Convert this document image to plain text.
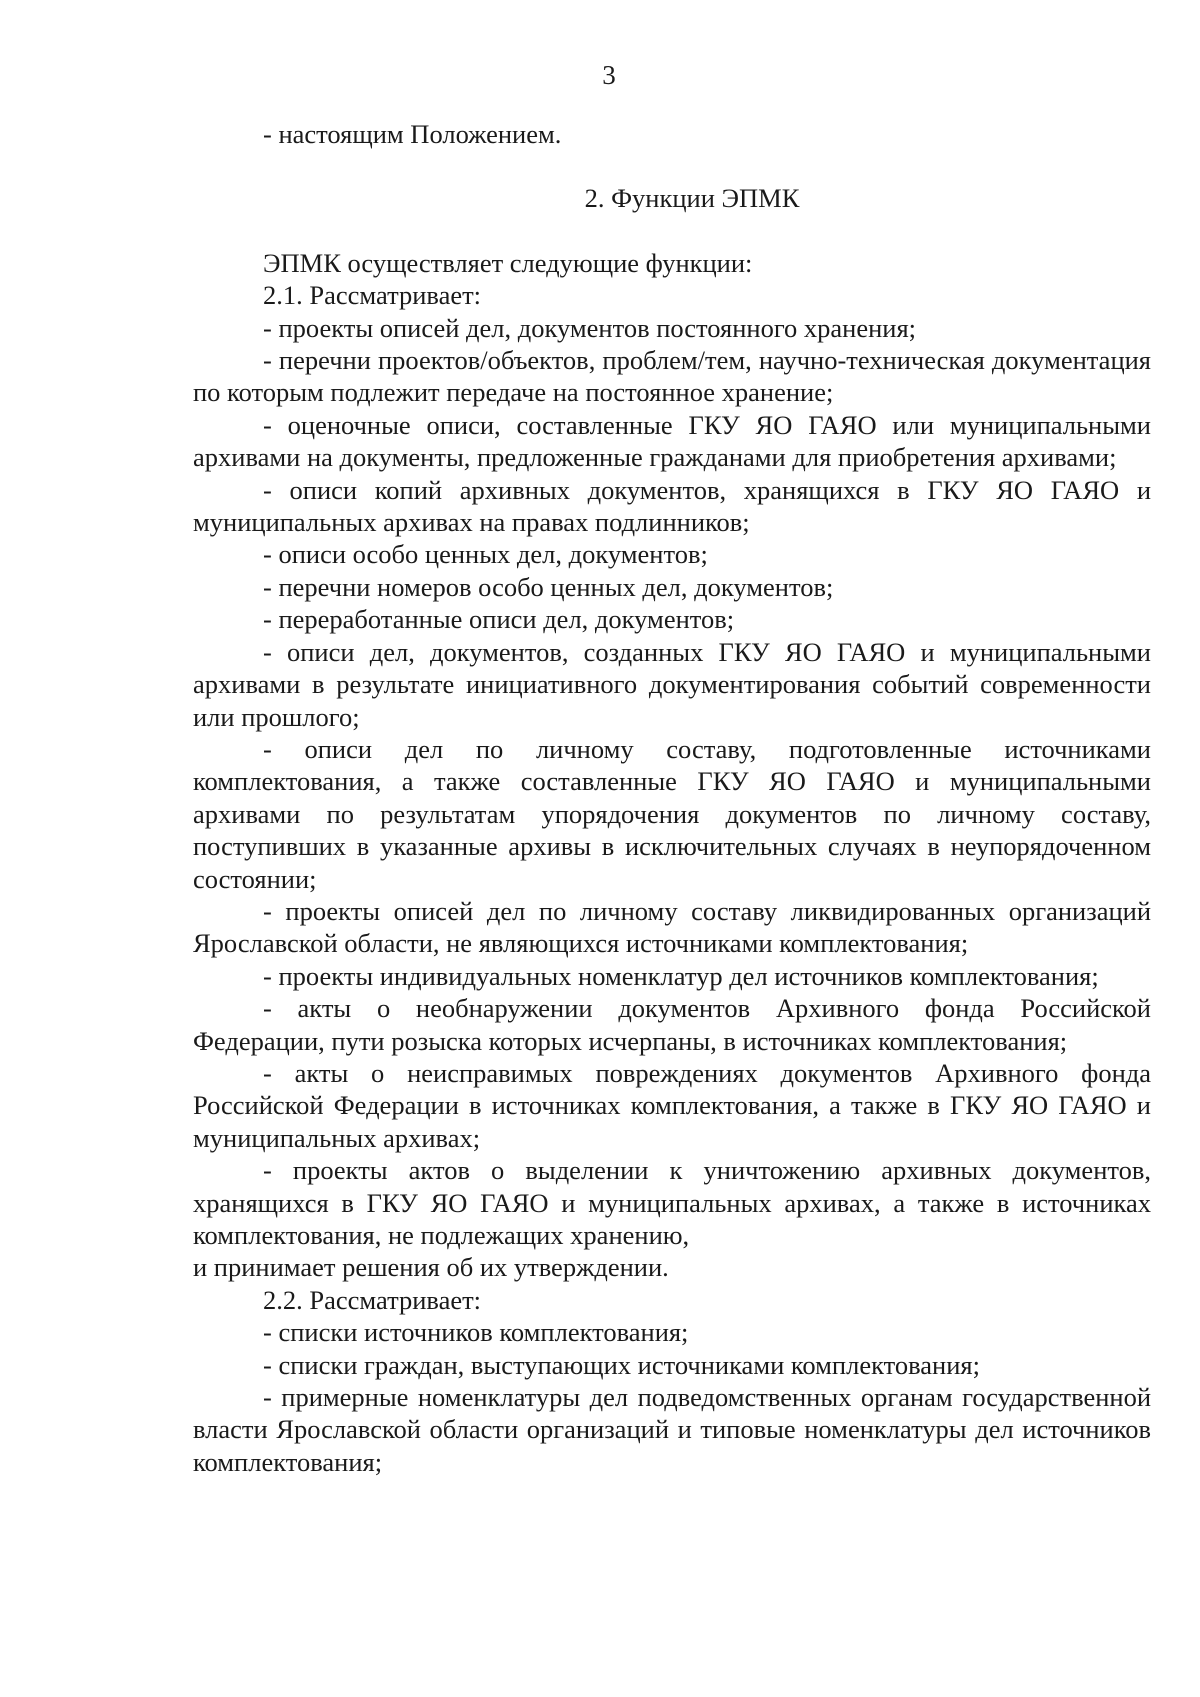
3

- настоящим Положением.

2. Функции ЭПМК

ЭПМК осуществляет следующие функции:

2.1. Рассматривает:

- проекты описей дел, документов постоянного хранения;

- перечни проектов/объектов, проблем/тем, научно-техническая документация по которым подлежит передаче на постоянное хранение;

- оценочные описи, составленные ГКУ ЯО ГАЯО или муниципальными архивами на документы, предложенные гражданами для приобретения архивами;

- описи копий архивных документов, хранящихся в ГКУ ЯО ГАЯО и муниципальных архивах на правах подлинников;

- описи особо ценных дел, документов;

- перечни номеров особо ценных дел, документов;

- переработанные описи дел, документов;

- описи дел, документов, созданных ГКУ ЯО ГАЯО и муниципальными архивами в результате инициативного документирования событий современности или прошлого;

- описи дел по личному составу, подготовленные источниками комплектования, а также составленные ГКУ ЯО ГАЯО и муниципальными архивами по результатам упорядочения документов по личному составу, поступивших в указанные архивы в исключительных случаях в неупорядоченном состоянии;

- проекты описей дел по личному составу ликвидированных организаций Ярославской области, не являющихся источниками комплектования;

- проекты индивидуальных номенклатур дел источников комплектования;

- акты о необнаружении документов Архивного фонда Российской Федерации, пути розыска которых исчерпаны, в источниках комплектования;

- акты о неисправимых повреждениях документов Архивного фонда Российской Федерации в источниках комплектования, а также в ГКУ ЯО ГАЯО и муниципальных архивах;

- проекты актов о выделении к уничтожению архивных документов, хранящихся в ГКУ ЯО ГАЯО и муниципальных архивах, а также в источниках комплектования, не подлежащих хранению,

и принимает решения об их утверждении.

2.2. Рассматривает:

- списки источников комплектования;

- списки граждан, выступающих источниками комплектования;

- примерные номенклатуры дел подведомственных органам государственной власти Ярославской области организаций и типовые номенклатуры дел источников комплектования;
